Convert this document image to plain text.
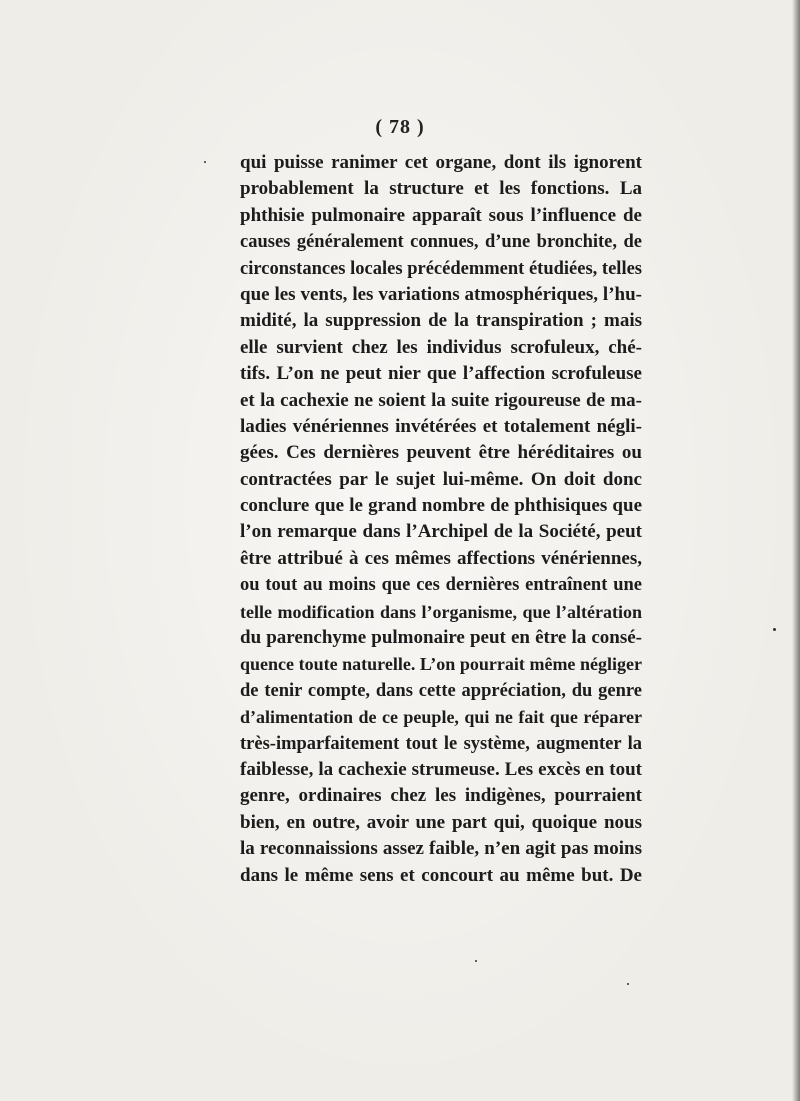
( 78 )
qui puisse ranimer cet organe, dont ils ignorent
probablement la structure et les fonctions. La
phthisie pulmonaire apparaît sous l’influence de
causes généralement connues, d’une bronchite, de
circonstances locales précédemment étudiées, telles
que les vents, les variations atmosphériques, l’hu-
midité, la suppression de la transpiration ; mais
elle survient chez les individus scrofuleux, ché-
tifs. L’on ne peut nier que l’affection scrofuleuse
et la cachexie ne soient la suite rigoureuse de ma-
ladies vénériennes invétérées et totalement négli-
gées. Ces dernières peuvent être héréditaires ou
contractées par le sujet lui-même. On doit donc
conclure que le grand nombre de phthisiques que
l’on remarque dans l’Archipel de la Société, peut
être attribué à ces mêmes affections vénériennes,
ou tout au moins que ces dernières entraînent une
telle modification dans l’organisme, que l’altération
du parenchyme pulmonaire peut en être la consé-
quence toute naturelle. L’on pourrait même négliger
de tenir compte, dans cette appréciation, du genre
d’alimentation de ce peuple, qui ne fait que réparer
très-imparfaitement tout le système, augmenter la
faiblesse, la cachexie strumeuse. Les excès en tout
genre, ordinaires chez les indigènes, pourraient
bien, en outre, avoir une part qui, quoique nous
la reconnaissions assez faible, n’en agit pas moins
dans le même sens et concourt au même but. De
